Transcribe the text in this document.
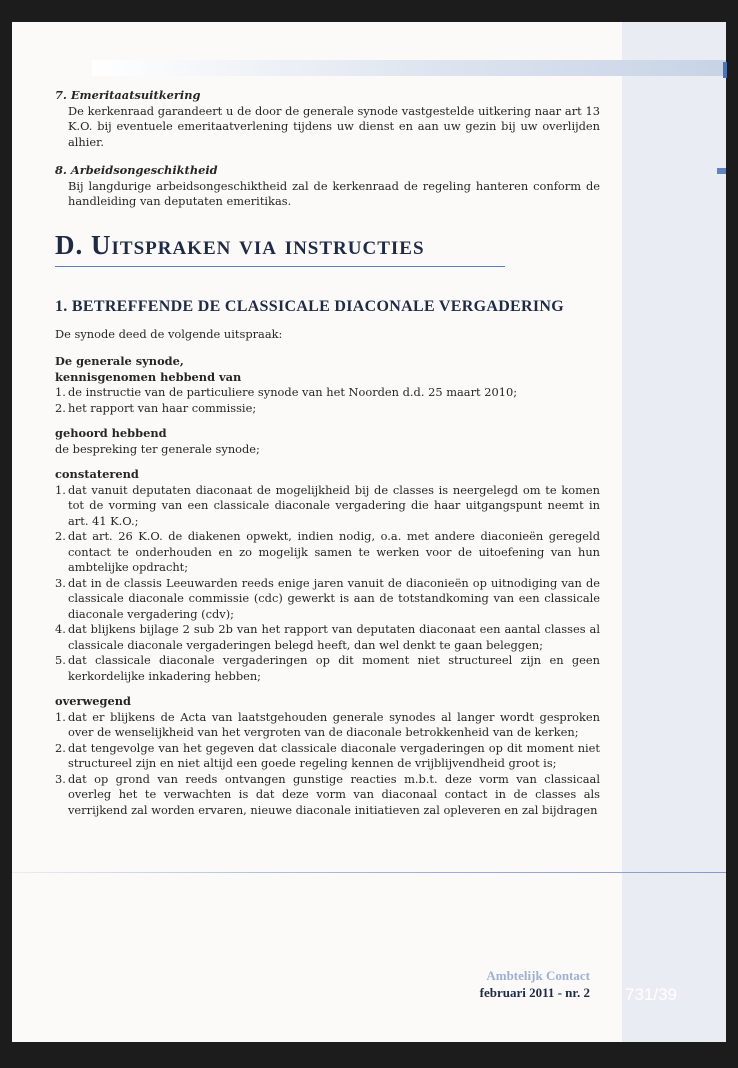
7. Emeritaatsuitkering
De kerkenraad garandeert u de door de generale synode vastgestelde uitkering naar art 13 K.O. bij eventuele emeritaatverlening tijdens uw dienst en aan uw gezin bij uw overlijden alhier.
8. Arbeidsongeschiktheid
Bij langdurige arbeidsongeschiktheid zal de kerkenraad de regeling hanteren conform de handleiding van deputaten emeritikas.
D. Uitspraken via instructies
1. BETREFFENDE DE CLASSICALE DIACONALE VERGADERING
De synode deed de volgende uitspraak:
De generale synode,
kennisgenomen hebbend van
1. de instructie van de particuliere synode van het Noorden d.d. 25 maart 2010;
2. het rapport van haar commissie;
gehoord hebbend
de bespreking ter generale synode;
constaterend
1. dat vanuit deputaten diaconaat de mogelijkheid bij de classes is neergelegd om te komen tot de vorming van een classicale diaconale vergadering die haar uitgangspunt neemt in art. 41 K.O.;
2. dat art. 26 K.O. de diakenen opwekt, indien nodig, o.a. met andere diaconieën geregeld contact te onderhouden en zo mogelijk samen te werken voor de uitoefening van hun ambtelijke opdracht;
3. dat in de classis Leeuwarden reeds enige jaren vanuit de diaconieën op uitnodiging van de classicale diaconale commissie (cdc) gewerkt is aan de totstandkoming van een classicale diaconale vergadering (cdv);
4. dat blijkens bijlage 2 sub 2b van het rapport van deputaten diaconaat een aantal classes al classicale diaconale vergaderingen belegd heeft, dan wel denkt te gaan beleggen;
5. dat classicale diaconale vergaderingen op dit moment niet structureel zijn en geen kerkordelijke inkadering hebben;
overwegend
1. dat er blijkens de Acta van laatstgehouden generale synodes al langer wordt gesproken over de wenselijkheid van het vergroten van de diaconale betrokkenheid van de kerken;
2. dat tengevolge van het gegeven dat classicale diaconale vergaderingen op dit moment niet structureel zijn en niet altijd een goede regeling kennen de vrijblijvendheid groot is;
3. dat op grond van reeds ontvangen gunstige reacties m.b.t. deze vorm van classicaal overleg het te verwachten is dat deze vorm van diaconaal contact in de classes als verrijkend zal worden ervaren, nieuwe diaconale initiatieven zal opleveren en zal bijdragen
Ambtelijk Contact
februari 2011 - nr. 2 731/39
